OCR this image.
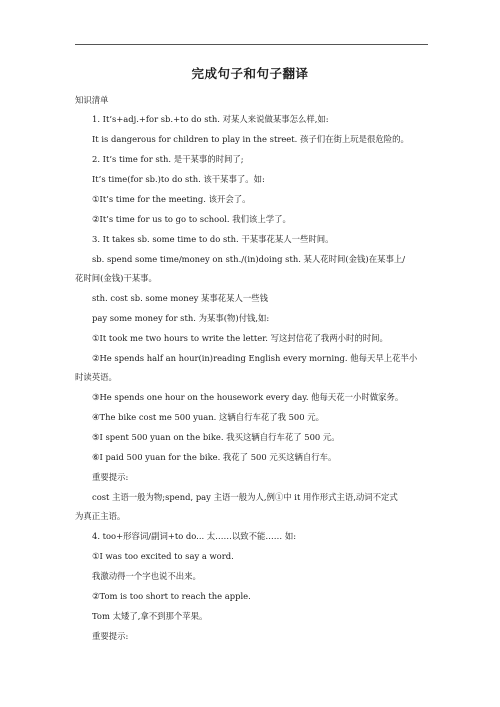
完成句子和句子翻译
知识清单
1. It’s+adj.+for sb.+to do sth. 对某人来说做某事怎么样,如:
It is dangerous for children to play in the street. 孩子们在街上玩是很危险的。
2. It’s time for sth. 是干某事的时间了;
It’s time(for sb.)to do sth. 该干某事了。如:
①It’s time for the meeting. 该开会了。
②It’s time for us to go to school. 我们该上学了。
3. It takes sb. some time to do sth. 干某事花某人一些时间。
sb. spend some time/money on sth./(in)doing sth. 某人花时间(金钱)在某事上/
花时间(金钱)干某事。
sth. cost sb. some money 某事花某人一些钱
pay some money for sth. 为某事(物)付钱,如:
①It took me two hours to write the letter. 写这封信花了我两小时的时间。
②He spends half an hour(in)reading English every morning. 他每天早上花半小
时读英语。
③He spends one hour on the housework every day. 他每天花一小时做家务。
④The bike cost me 500 yuan. 这辆自行车花了我 500 元。
⑤I spent 500 yuan on the bike. 我买这辆自行车花了 500 元。
⑥I paid 500 yuan for the bike. 我花了 500 元买这辆自行车。
重要提示:
cost 主语一般为物;spend, pay 主语一般为人,例①中 it 用作形式主语,动词不定式
为真正主语。
4. too+形容词/副词+to do... 太……以致不能…… 如:
①I was too excited to say a word.
我激动得一个字也说不出来。
②Tom is too short to reach the apple.
Tom 太矮了,拿不到那个苹果。
重要提示:
